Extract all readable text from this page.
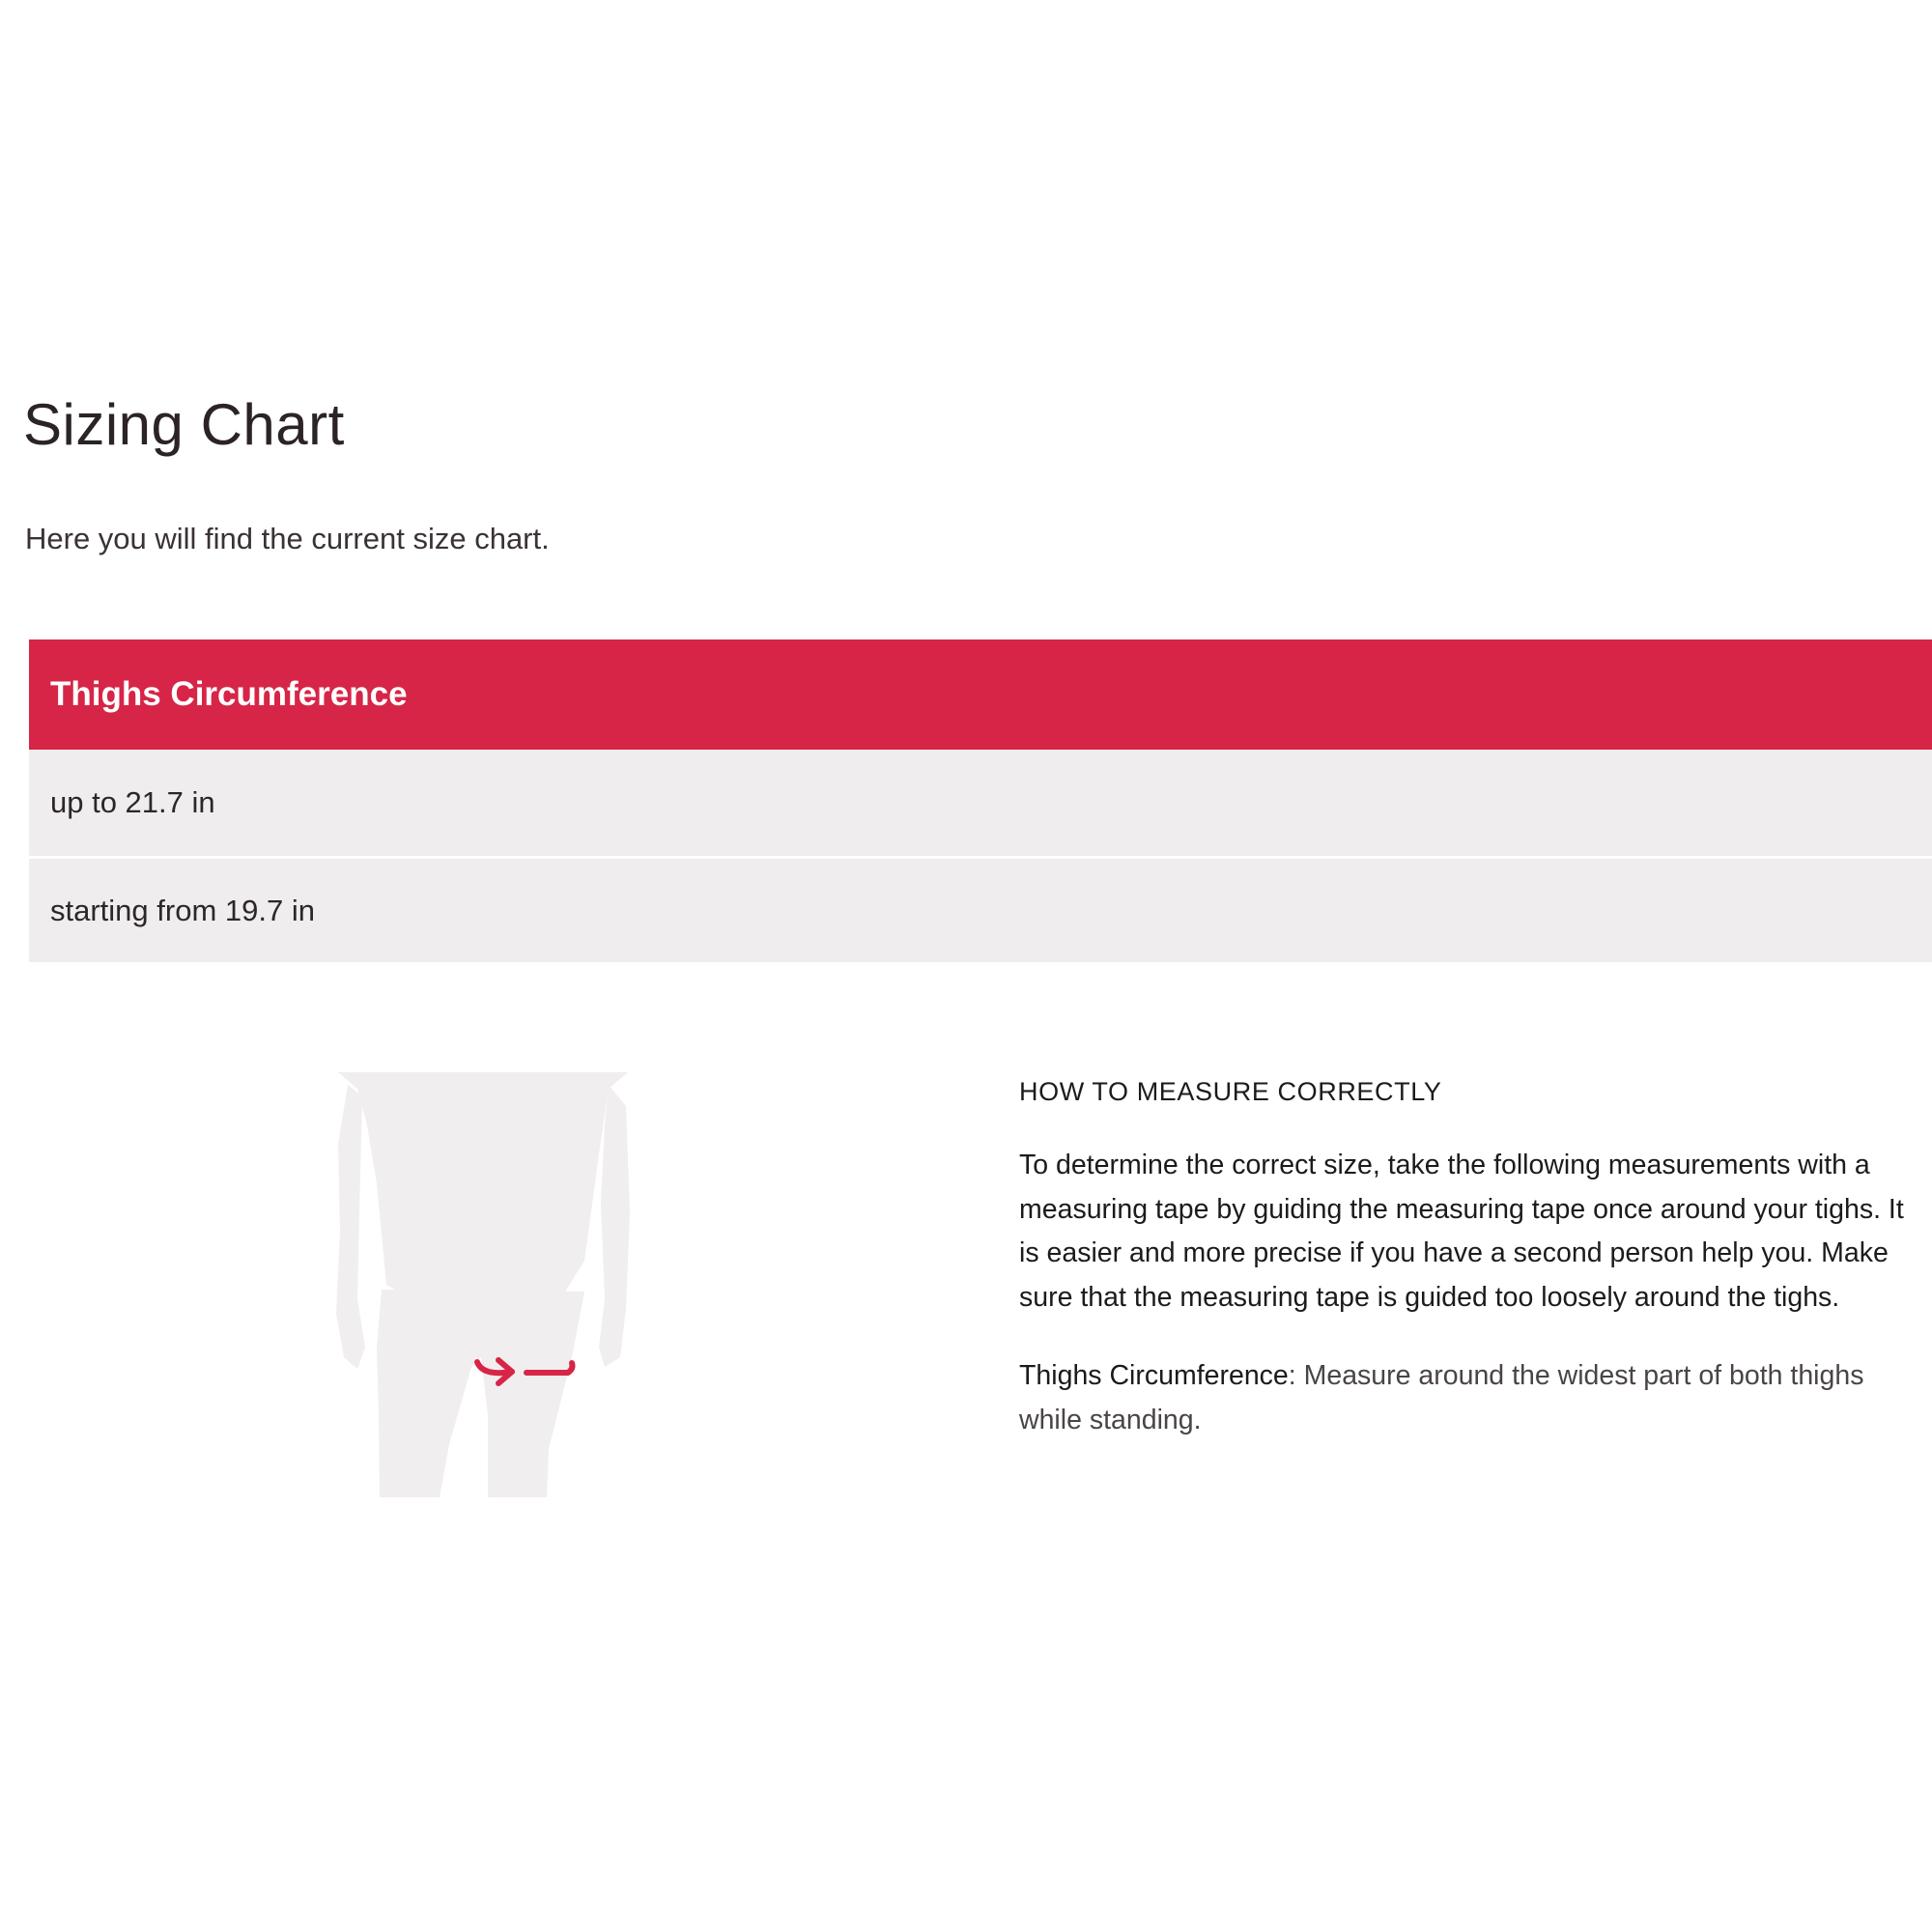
Sizing Chart

Here you will find the current size chart.

Thighs Circumference
up to 21.7 in
starting from 19.7 in
HOW TO MEASURE CORRECTLY

To determine the correct size, take the following measurements with a measuring tape by guiding the measuring tape once around your tighs. It is easier and more precise if you have a second person help you. Make sure that the measuring tape is guided too loosely around the tighs.

Thighs Circumference: Measure around the widest part of both thighs while standing.
